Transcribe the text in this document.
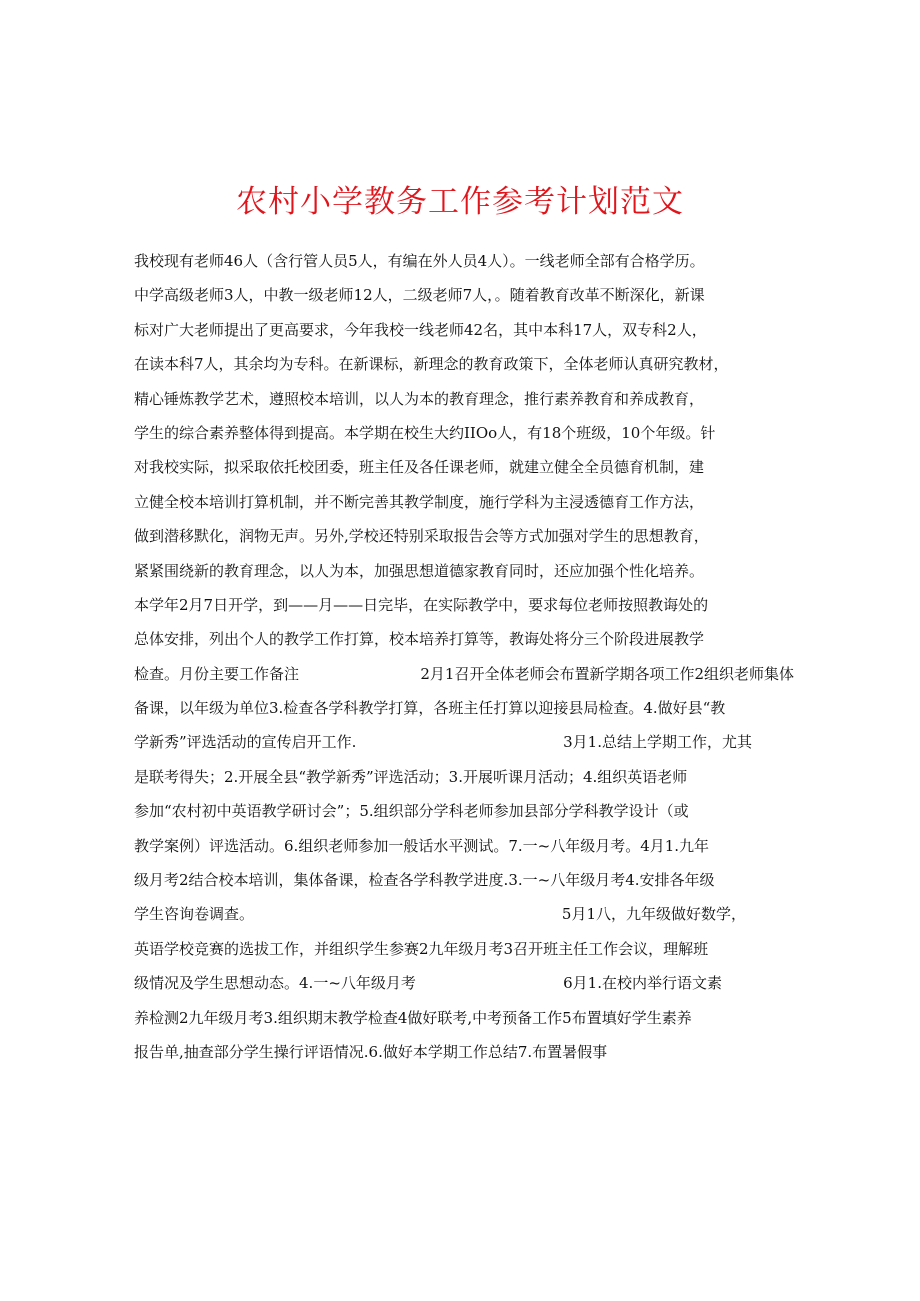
农村小学教务工作参考计划范文
我校现有老师46人（含行管人员5人，有编在外人员4人）。一线老师全部有合格学历。
中学高级老师3人，中教一级老师12人，二级老师7人，。随着教育改革不断深化，新课
标对广大老师提出了更高要求，今年我校一线老师42名，其中本科17人，双专科2人，
在读本科7人，其余均为专科。在新课标，新理念的教育政策下，全体老师认真研究教材，
精心锤炼教学艺术，遵照校本培训，以人为本的教育理念，推行素养教育和养成教育，
学生的综合素养整体得到提高。本学期在校生大约IIOo人，有18个班级，10个年级。针
对我校实际，拟采取依托校团委，班主任及各任课老师，就建立健全全员德育机制，建
立健全校本培训打算机制，并不断完善其教学制度，施行学科为主浸透德育工作方法，
做到潜移默化，润物无声。另外,学校还特别采取报告会等方式加强对学生的思想教育，
紧紧围绕新的教育理念，以人为本，加强思想道德家教育同时，还应加强个性化培养。
本学年2月7日开学，到——月——日完毕，在实际教学中，要求每位老师按照教诲处的
总体安排，列出个人的教学工作打算，校本培养打算等，教诲处将分三个阶段进展教学
检查。月份主要工作备注	2月1召开全体老师会布置新学期各项工作2组织老师集体
备课，以年级为单位3.检查各学科教学打算，各班主任打算以迎接县局检查。4.做好县“教
学新秀”评选活动的宣传启开工作.	3月1.总结上学期工作，尤其
是联考得失；2.开展全县“教学新秀”评选活动；3.开展听课月活动；4.组织英语老师
参加“农村初中英语教学研讨会”；5.组织部分学科老师参加县部分学科教学设计（或
教学案例）评选活动。6.组织老师参加一般话水平测试。7.一~八年级月考。4月1.九年
级月考2结合校本培训，集体备课，检查各学科教学进度.3.一~八年级月考4.安排各年级
学生咨询卷调查。	5月1八，九年级做好数学，
英语学校竞赛的选拔工作，并组织学生参赛2九年级月考3召开班主任工作会议，理解班
级情况及学生思想动态。4.一~八年级月考	6月1.在校内举行语文素
养检测2九年级月考3.组织期末教学检查4做好联考,中考预备工作5布置填好学生素养
报告单,抽查部分学生操行评语情况.6.做好本学期工作总结7.布置暑假事
